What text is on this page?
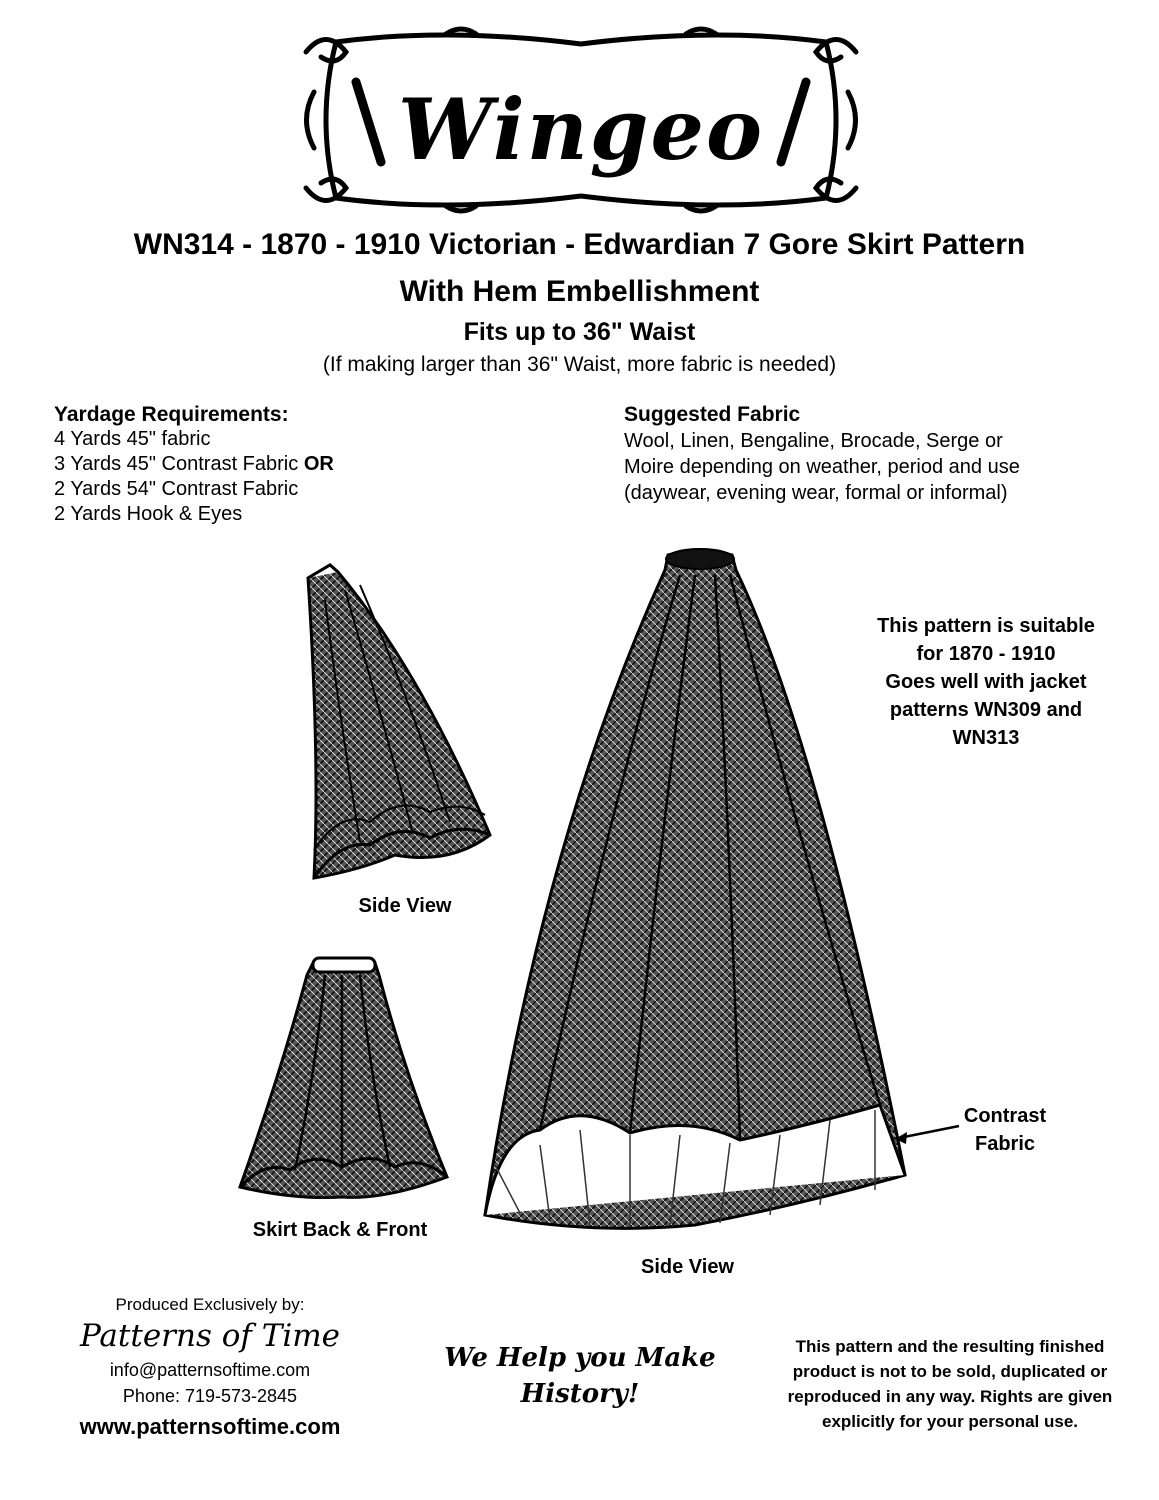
Wingeo
WN314 - 1870 - 1910 Victorian - Edwardian 7 Gore Skirt Pattern
With Hem Embellishment
Fits up to 36" Waist
(If making larger than 36" Waist, more fabric is needed)
Yardage Requirements:
4 Yards 45" fabric
3 Yards 45" Contrast Fabric OR
2 Yards 54" Contrast Fabric
2 Yards Hook & Eyes
Suggested Fabric
Wool, Linen, Bengaline, Brocade, Serge or
Moire depending on weather, period and use
(daywear, evening wear, formal or informal)
This pattern is suitable
for 1870 - 1910
Goes well with jacket
patterns WN309 and
WN313
Side View
Skirt Back & Front
Side View
Contrast
Fabric
Produced Exclusively by:
Patterns of Time
info@patternsoftime.com
Phone: 719-573-2845
www.patternsoftime.com
We Help you Make
History!
This pattern and the resulting finished
product is not to be sold, duplicated or
reproduced in any way. Rights are given
explicitly for your personal use.
